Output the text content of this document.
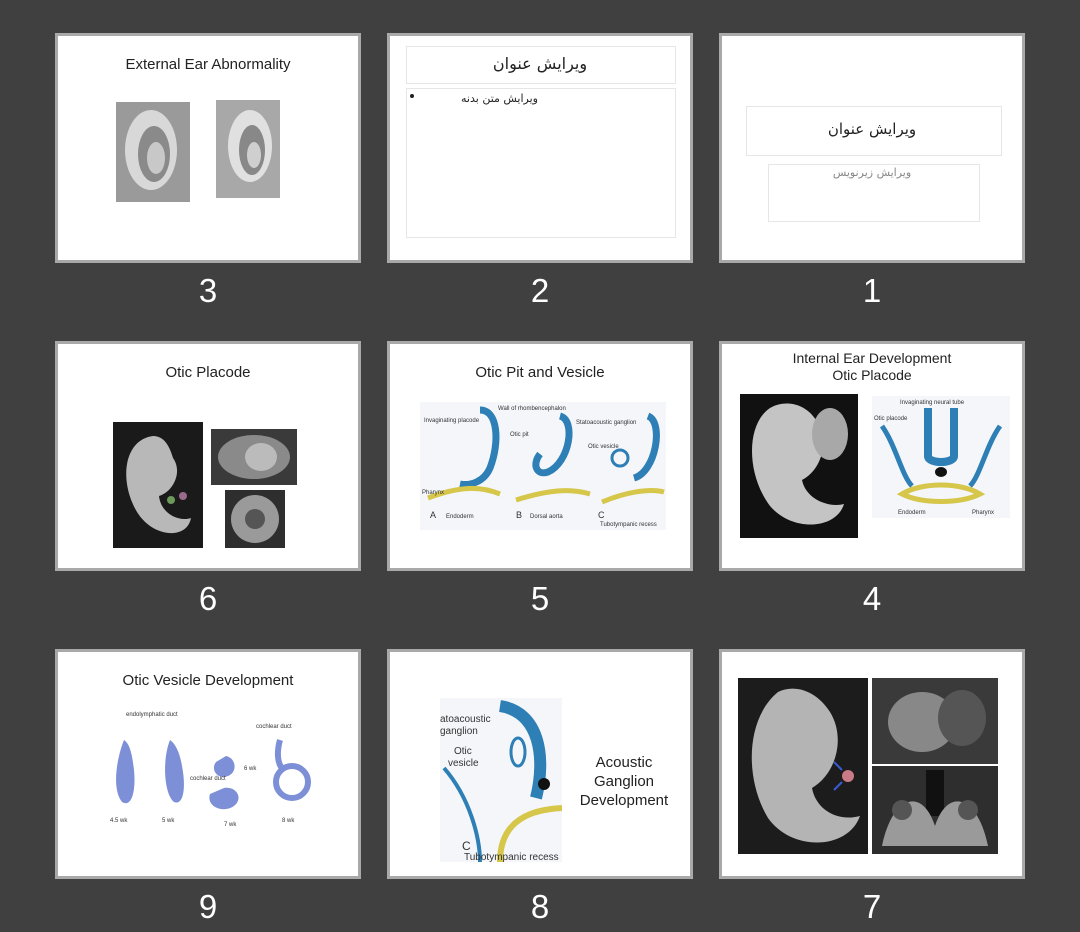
External Ear Abnormality
3
ویرایش عنوان
ویرایش متن بدنه
2
ویرایش عنوان
ویرایش زیرنویس
1
Otic Placode
6
Otic Pit and Vesicle
Wall of rhombencephalon
Invaginating placode
Otic pit
Statoacoustic ganglion
Otic vesicle
Pharynx
Endoderm	Dorsal aorta
Tubotympanic recess
A	B	C
5
Internal Ear Development
Otic Placode
Invaginating neural tube
Otic placode
Endoderm	Pharynx
4
Otic Vesicle Development
endolymphatic duct
cochlear duct
cochlear duct
4.5 wk	5 wk
6 wk
7 wk
8 wk
9
atoacoustic
ganglion
Otic
vesicle
C
Tubotympanic recess
Acoustic
Ganglion
Development
8	7
